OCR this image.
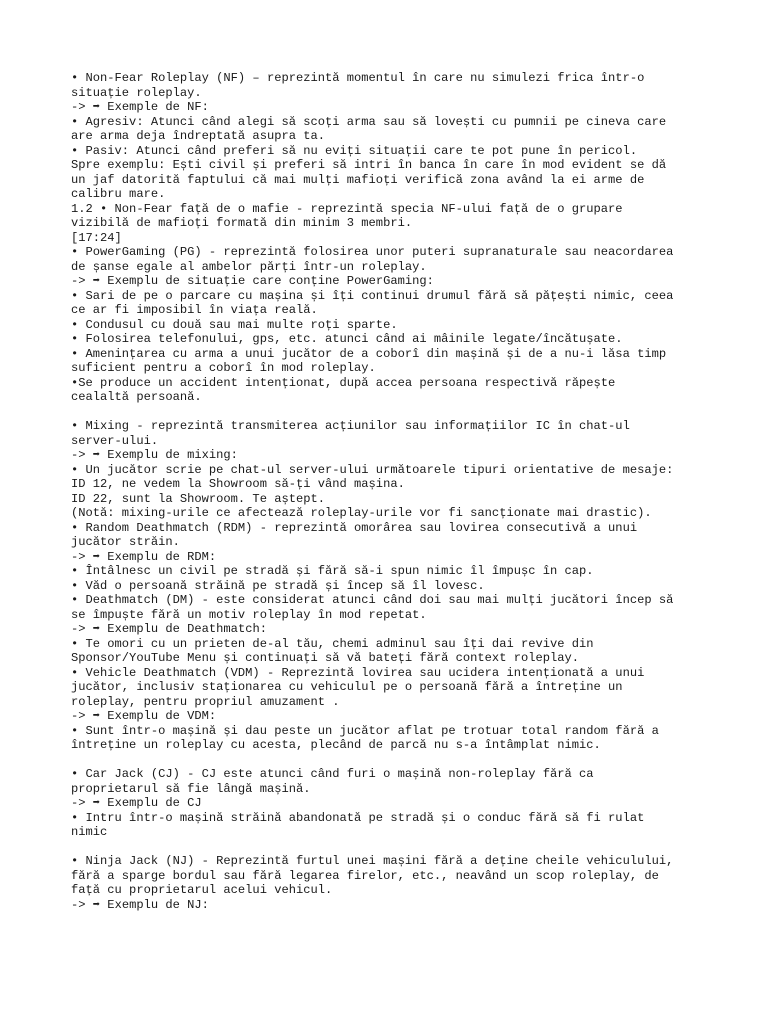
• Non-Fear Roleplay (NF) – reprezintă momentul în care nu simulezi frica într-o
situație roleplay.
-> ➡ Exemple de NF:
• Agresiv: Atunci când alegi să scoți arma sau să lovești cu pumnii pe cineva care
are arma deja îndreptată asupra ta.
• Pasiv: Atunci când preferi să nu eviți situații care te pot pune în pericol.
Spre exemplu: Ești civil și preferi să intri în banca în care în mod evident se dă
un jaf datorită faptului că mai mulți mafioți verifică zona având la ei arme de
calibru mare.
1.2 • Non-Fear față de o mafie - reprezintă specia NF-ului față de o grupare
vizibilă de mafioți formată din minim 3 membri.
[17:24]
• PowerGaming (PG) - reprezintă folosirea unor puteri supranaturale sau neacordarea
de șanse egale al ambelor părți într-un roleplay.
-> ➡ Exemplu de situație care conține PowerGaming:
• Sari de pe o parcare cu mașina și îți continui drumul fără să pățești nimic, ceea
ce ar fi imposibil în viața reală.
• Condusul cu două sau mai multe roți sparte.
• Folosirea telefonului, gps, etc. atunci când ai mâinile legate/încătușate.
• Amenințarea cu arma a unui jucător de a coborî din mașină și de a nu-i lăsa timp
suficient pentru a coborî în mod roleplay.
•Se produce un accident intenționat, după accea persoana respectivă răpește
cealaltă persoană.
• Mixing - reprezintă transmiterea acțiunilor sau informațiilor IC în chat-ul
server-ului.
-> ➡ Exemplu de mixing:
• Un jucător scrie pe chat-ul server-ului următoarele tipuri orientative de mesaje:
ID 12, ne vedem la Showroom să-ți vând mașina.
ID 22, sunt la Showroom. Te aștept.
(Notă: mixing-urile ce afectează roleplay-urile vor fi sancționate mai drastic).
• Random Deathmatch (RDM) - reprezintă omorârea sau lovirea consecutivă a unui
jucător străin.
-> ➡ Exemplu de RDM:
• Întâlnesc un civil pe stradă și fără să-i spun nimic îl împușc în cap.
• Văd o persoană străină pe stradă și încep să îl lovesc.
• Deathmatch (DM) - este considerat atunci când doi sau mai mulți jucători încep să
se împuște fără un motiv roleplay în mod repetat.
-> ➡ Exemplu de Deathmatch:
• Te omori cu un prieten de-al tău, chemi adminul sau îți dai revive din
Sponsor/YouTube Menu și continuați să vă bateți fără context roleplay.
• Vehicle Deathmatch (VDM) - Reprezintă lovirea sau ucidera intenționată a unui
jucător, inclusiv staționarea cu vehiculul pe o persoană fără a întreține un
roleplay, pentru propriul amuzament .
-> ➡ Exemplu de VDM:
• Sunt într-o mașină și dau peste un jucător aflat pe trotuar total random fără a
întreține un roleplay cu acesta, plecând de parcă nu s-a întâmplat nimic.
• Car Jack (CJ) - CJ este atunci când furi o mașină non-roleplay fără ca
proprietarul să fie lângă mașină.
-> ➡ Exemplu de CJ
• Intru într-o mașină străină abandonată pe stradă și o conduc fără să fi rulat
nimic
• Ninja Jack (NJ) - Reprezintă furtul unei mașini fără a deține cheile vehiculului,
fără a sparge bordul sau fără legarea firelor, etc., neavând un scop roleplay, de
față cu proprietarul acelui vehicul.
-> ➡ Exemplu de NJ:
